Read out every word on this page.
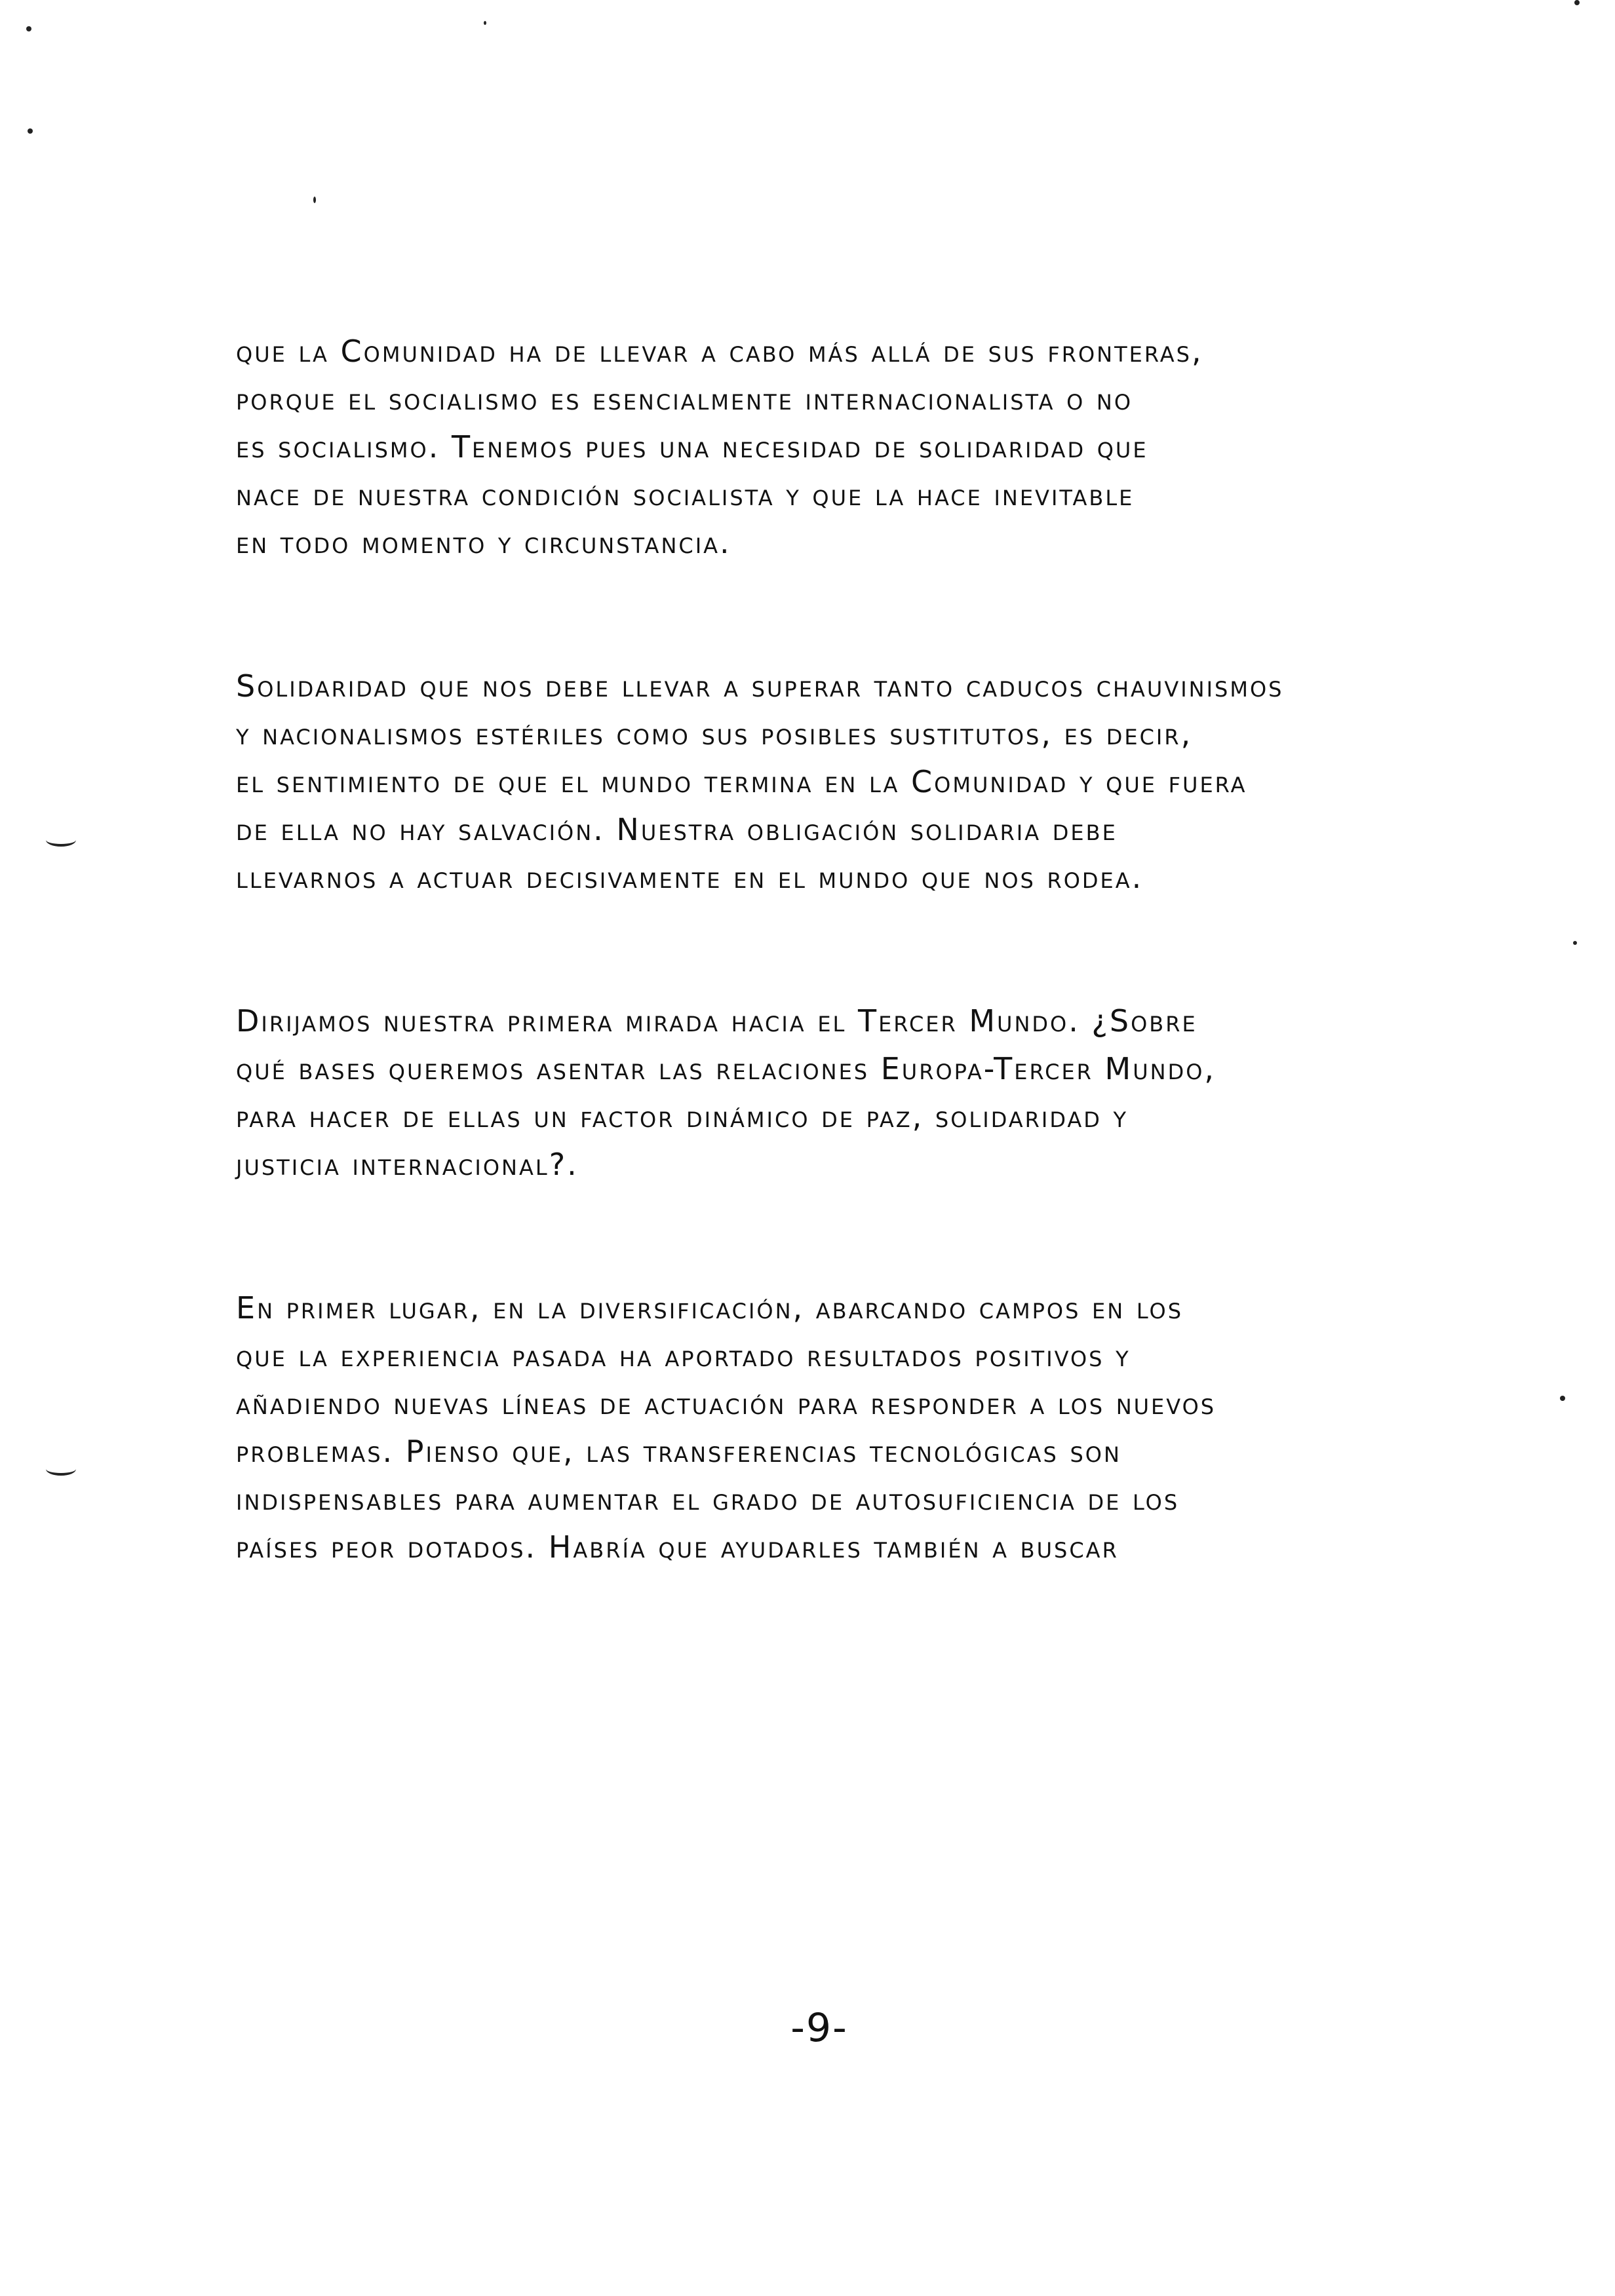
que la Comunidad ha de llevar a cabo más allá de sus fronteras,
porque el socialismo es esencialmente internacionalista o no
es socialismo. Tenemos pues una necesidad de solidaridad que
nace de nuestra condición socialista y que la hace inevitable
en todo momento y circunstancia.

Solidaridad que nos debe llevar a superar tanto caducos chauvinismos
y nacionalismos estériles como sus posibles sustitutos, es decir,
el sentimiento de que el mundo termina en la Comunidad y que fuera
de ella no hay salvación. Nuestra obligación solidaria debe
llevarnos a actuar decisivamente en el mundo que nos rodea.

Dirijamos nuestra primera mirada hacia el Tercer Mundo. ¿Sobre
qué bases queremos asentar las relaciones Europa-Tercer Mundo,
para hacer de ellas un factor dinámico de paz, solidaridad y
justicia internacional?.

En primer lugar, en la diversificación, abarcando campos en los
que la experiencia pasada ha aportado resultados positivos y
añadiendo nuevas líneas de actuación para responder a los nuevos
problemas. Pienso que, las transferencias tecnológicas son
indispensables para aumentar el grado de autosuficiencia de los
países peor dotados. Habría que ayudarles también a buscar

-9-
